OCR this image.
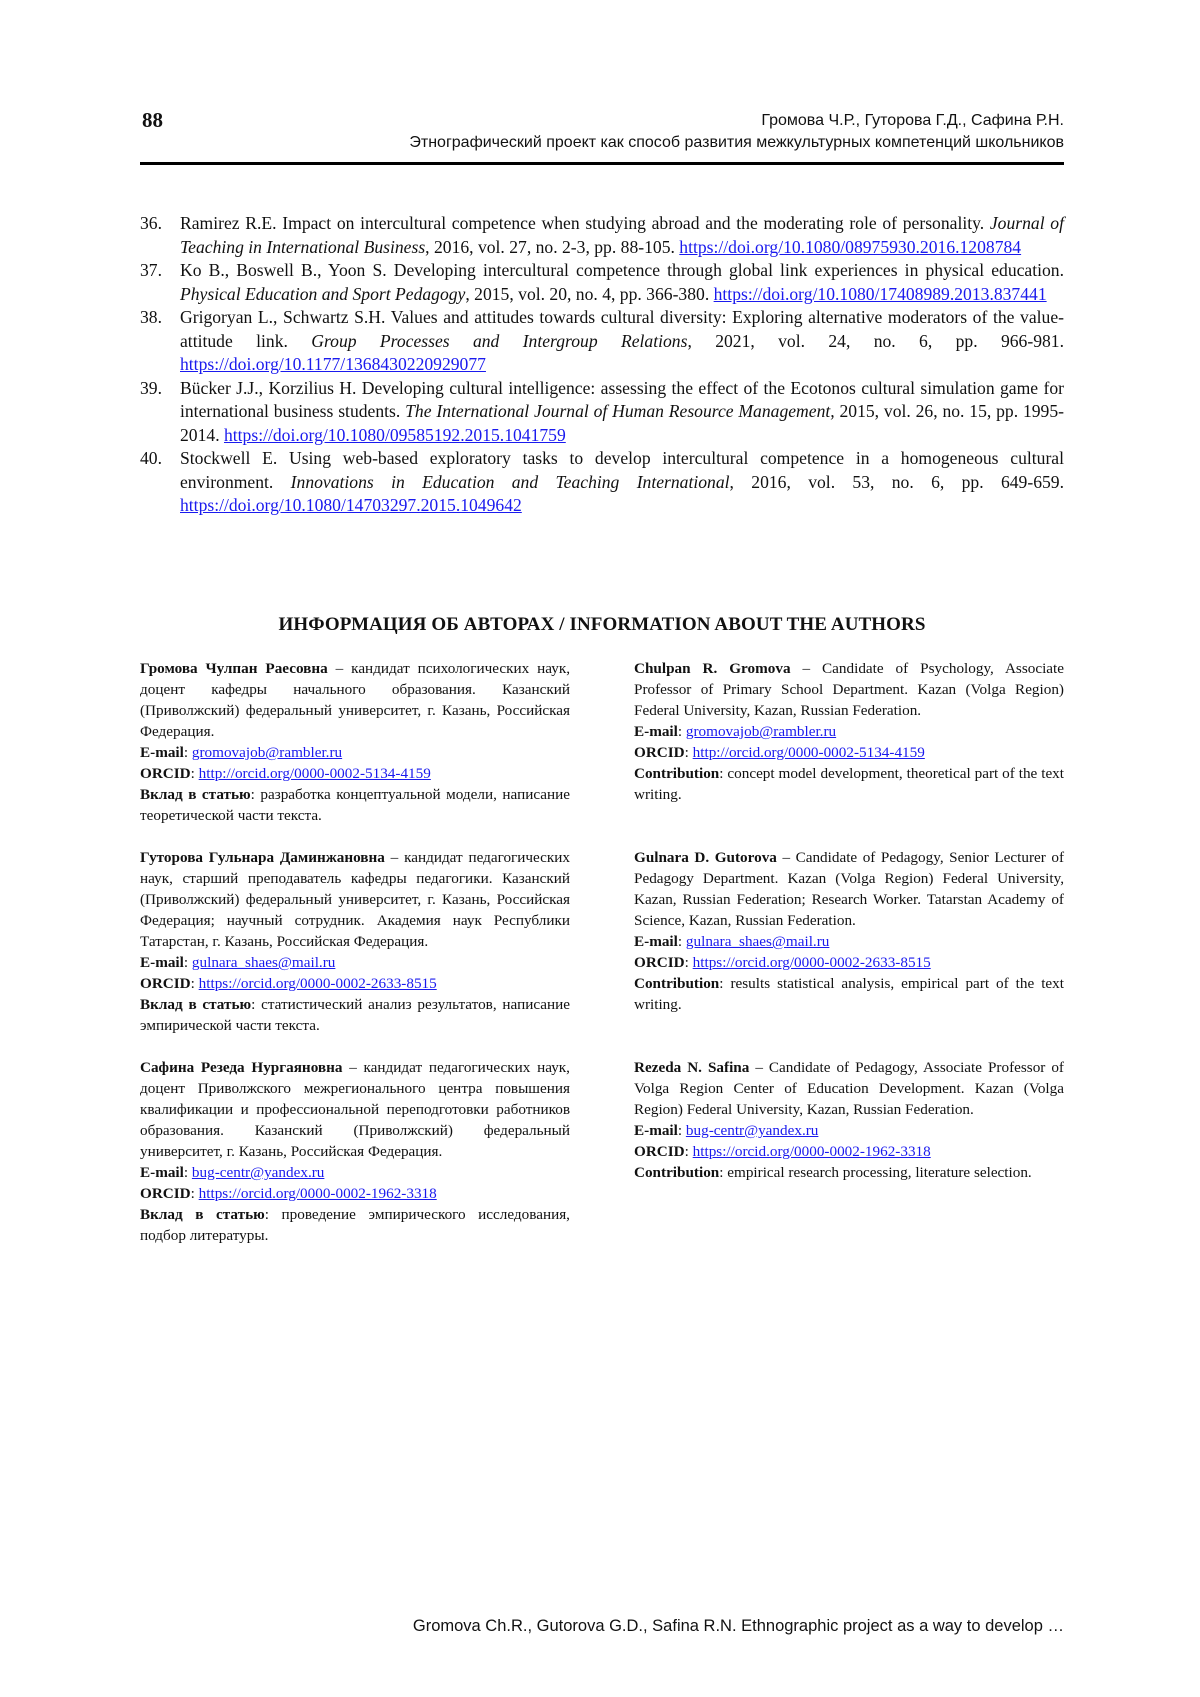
88	Громова Ч.Р., Гуторова Г.Д., Сафина Р.Н.
Этнографический проект как способ развития межкультурных компетенций школьников
36. Ramirez R.E. Impact on intercultural competence when studying abroad and the moderating role of personality. Journal of Teaching in International Business, 2016, vol. 27, no. 2-3, pp. 88-105. https://doi.org/10.1080/08975930.2016.1208784
37. Ko B., Boswell B., Yoon S. Developing intercultural competence through global link experiences in physical education. Physical Education and Sport Pedagogy, 2015, vol. 20, no. 4, pp. 366-380. https://doi.org/10.1080/17408989.2013.837441
38. Grigoryan L., Schwartz S.H. Values and attitudes towards cultural diversity: Exploring alternative moderators of the value-attitude link. Group Processes and Intergroup Relations, 2021, vol. 24, no. 6, pp. 966-981. https://doi.org/10.1177/1368430220929077
39. Bücker J.J., Korzilius H. Developing cultural intelligence: assessing the effect of the Ecotonos cultural simulation game for international business students. The International Journal of Human Resource Management, 2015, vol. 26, no. 15, pp. 1995-2014. https://doi.org/10.1080/09585192.2015.1041759
40. Stockwell E. Using web-based exploratory tasks to develop intercultural competence in a homogeneous cultural environment. Innovations in Education and Teaching International, 2016, vol. 53, no. 6, pp. 649-659. https://doi.org/10.1080/14703297.2015.1049642
ИНФОРМАЦИЯ ОБ АВТОРАХ / INFORMATION ABOUT THE AUTHORS
Громова Чулпан Раесовна – кандидат психологических наук, доцент кафедры начального образования. Казанский (Приволжский) федеральный университет, г. Казань, Российская Федерация.
E-mail: gromovajob@rambler.ru
ORCID: http://orcid.org/0000-0002-5134-4159
Вклад в статью: разработка концептуальной модели, написание теоретической части текста.
Chulpan R. Gromova – Candidate of Psychology, Associate Professor of Primary School Department. Kazan (Volga Region) Federal University, Kazan, Russian Federation.
E-mail: gromovajob@rambler.ru
ORCID: http://orcid.org/0000-0002-5134-4159
Contribution: concept model development, theoretical part of the text writing.
Гуторова Гульнара Даминжановна – кандидат педагогических наук, старший преподаватель кафедры педагогики. Казанский (Приволжский) федеральный университет, г. Казань, Российская Федерация; научный сотрудник. Академия наук Республики Татарстан, г. Казань, Российская Федерация.
E-mail: gulnara_shaes@mail.ru
ORCID: https://orcid.org/0000-0002-2633-8515
Вклад в статью: статистический анализ результатов, написание эмпирической части текста.
Gulnara D. Gutorova – Candidate of Pedagogy, Senior Lecturer of Pedagogy Department. Kazan (Volga Region) Federal University, Kazan, Russian Federation; Research Worker. Tatarstan Academy of Science, Kazan, Russian Federation.
E-mail: gulnara_shaes@mail.ru
ORCID: https://orcid.org/0000-0002-2633-8515
Contribution: results statistical analysis, empirical part of the text writing.
Сафина Резеда Нургаяновна – кандидат педагогических наук, доцент Приволжского межрегионального центра повышения квалификации и профессиональной переподготовки работников образования. Казанский (Приволжский) федеральный университет, г. Казань, Российская Федерация.
E-mail: bug-centr@yandex.ru
ORCID: https://orcid.org/0000-0002-1962-3318
Вклад в статью: проведение эмпирического исследования, подбор литературы.
Rezeda N. Safina – Candidate of Pedagogy, Associate Professor of Volga Region Center of Education Development. Kazan (Volga Region) Federal University, Kazan, Russian Federation.
E-mail: bug-centr@yandex.ru
ORCID: https://orcid.org/0000-0002-1962-3318
Contribution: empirical research processing, literature selection.
Gromova Ch.R., Gutorova G.D., Safina R.N. Ethnographic project as a way to develop …
